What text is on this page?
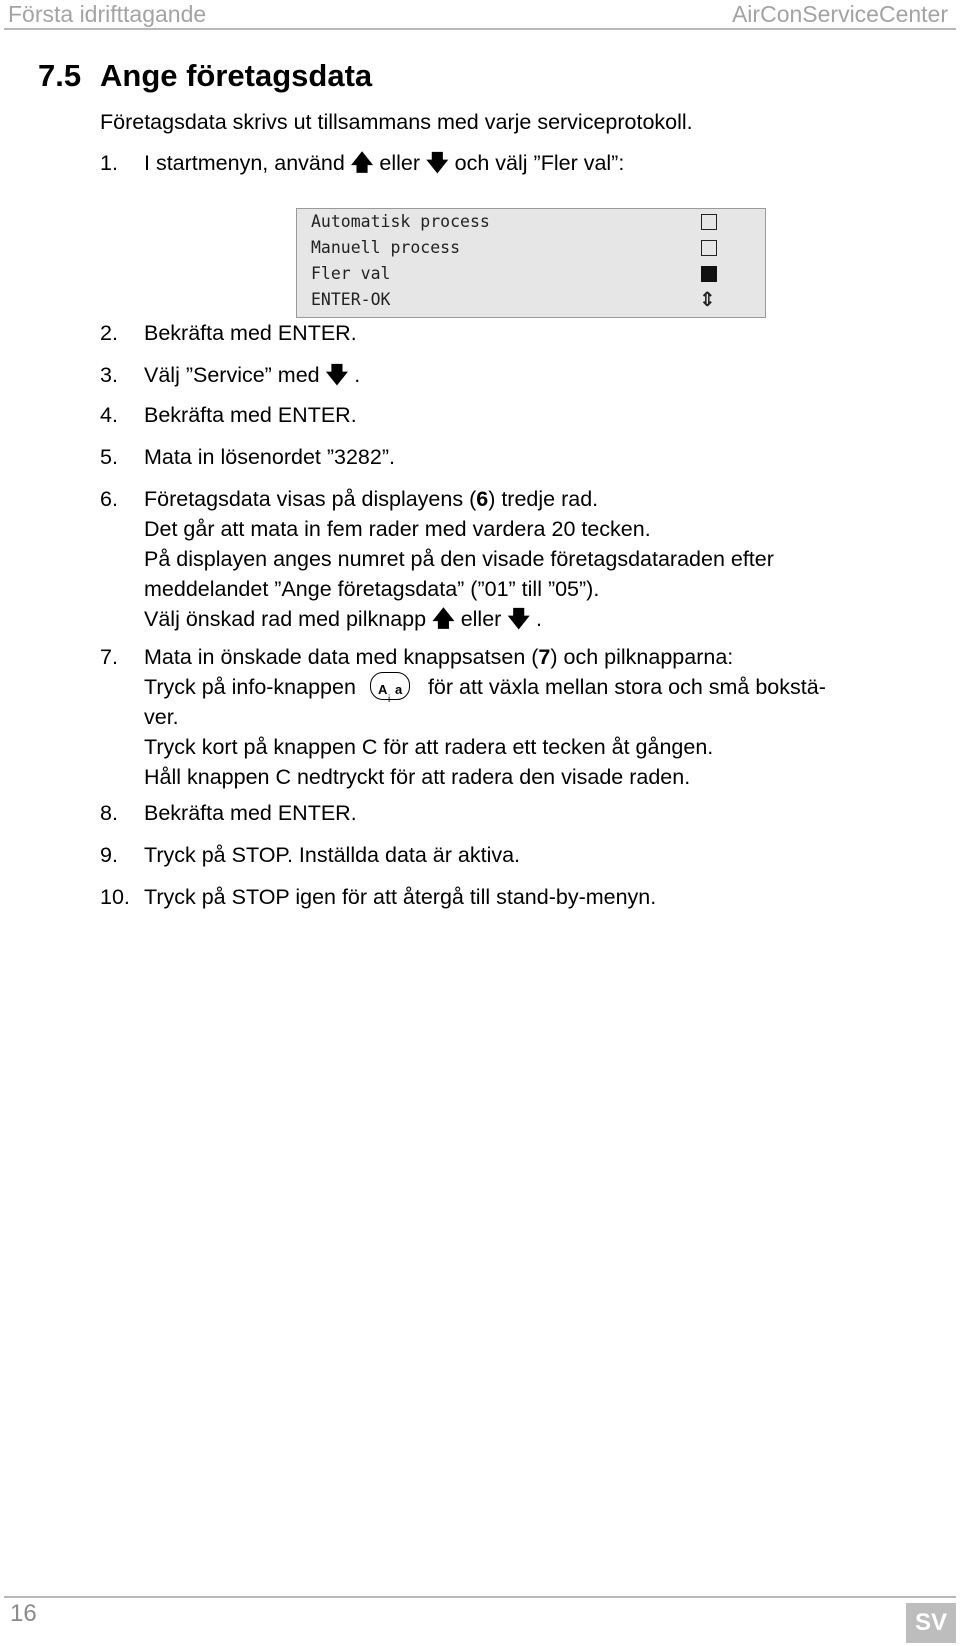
Första idrifttagande	AirConServiceCenter
7.5 Ange företagsdata
Företagsdata skrivs ut tillsammans med varje serviceprotokoll.
1.	I startmenyn, använd 🡅 eller 🡇 och välj ”Fler val”:
Automatisk process
Manuell process
Fler val
ENTER-OK	⇕
2.	Bekräfta med ENTER.
3.	Välj ”Service” med 🡇 .
4.	Bekräfta med ENTER.
5.	Mata in lösenordet ”3282”.
6.	Företagsdata visas på displayens (6) tredje rad.
Det går att mata in fem rader med vardera 20 tecken.
På displayen anges numret på den visade företagsdataraden efter
meddelandet ”Ange företagsdata” (”01” till ”05”).
Välj önskad rad med pilknapp 🡅 eller 🡇 .
7.	Mata in önskade data med knappsatsen (7) och pilknapparna:
Tryck på info-knappen A a
i
för att växla mellan stora och små bokstä-
ver.
Tryck kort på knappen C för att radera ett tecken åt gången.
Håll knappen C nedtryckt för att radera den visade raden.
8.	Bekräfta med ENTER.
9.	Tryck på STOP. Inställda data är aktiva.
10. Tryck på STOP igen för att återgå till stand-by-menyn.
16	SV
